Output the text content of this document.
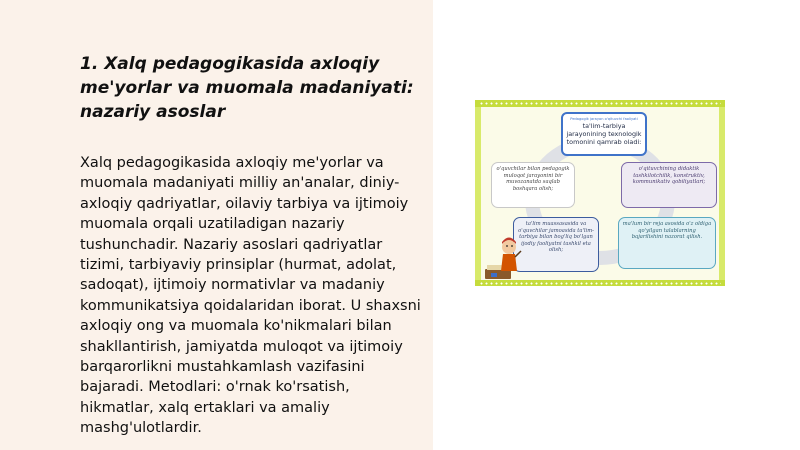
1. Xalq pedagogikasida axloqiy me'yorlar va muomala madaniyati: nazariy asoslar

Xalq pedagogikasida axloqiy me'yorlar va muomala madaniyati milliy an'analar, diniy-axloqiy qadriyatlar, oilaviy tarbiya va ijtimoiy muomala orqali uzatiladigan nazariy tushunchadir. Nazariy asoslari qadriyatlar tizimi, tarbiyaviy prinsiplar (hurmat, adolat, sadoqat), ijtimoiy normativlar va madaniy kommunikatsiya qoidalaridan iborat. U shaxsni axloqiy ong va muomala ko'nikmalari bilan shakllantirish, jamiyatda muloqot va ijtimoiy barqarorlikni mustahkamlash vazifasini bajaradi. Metodlari: o'rnak ko'rsatish, hikmatlar, xalq ertaklari va amaliy mashg'ulotlardir.

Pedagogik jarayon o'qituvchi faoliyati
ta'lim-tarbiya jarayonining texnologik tomonini qamrab oladi:
o'quvchilar bilan pedagogik muloqot jarayonini bir muvozanatda saqlab boshqara olish;
o'qituvchining didaktik tashkilotchilik, konstruktiv, kommunikativ qobiliyatlari;
ta'lim muassasasida va o'quvchilar jamoasida ta'lim-tarbiya bilan bog'liq bo'lgan ijodiy faoliyatni tashkil eta olish;
ma'lum bir reja asosida o'z oldiga qo'yilgan talablarning bajarilishini nazorat qilish.
